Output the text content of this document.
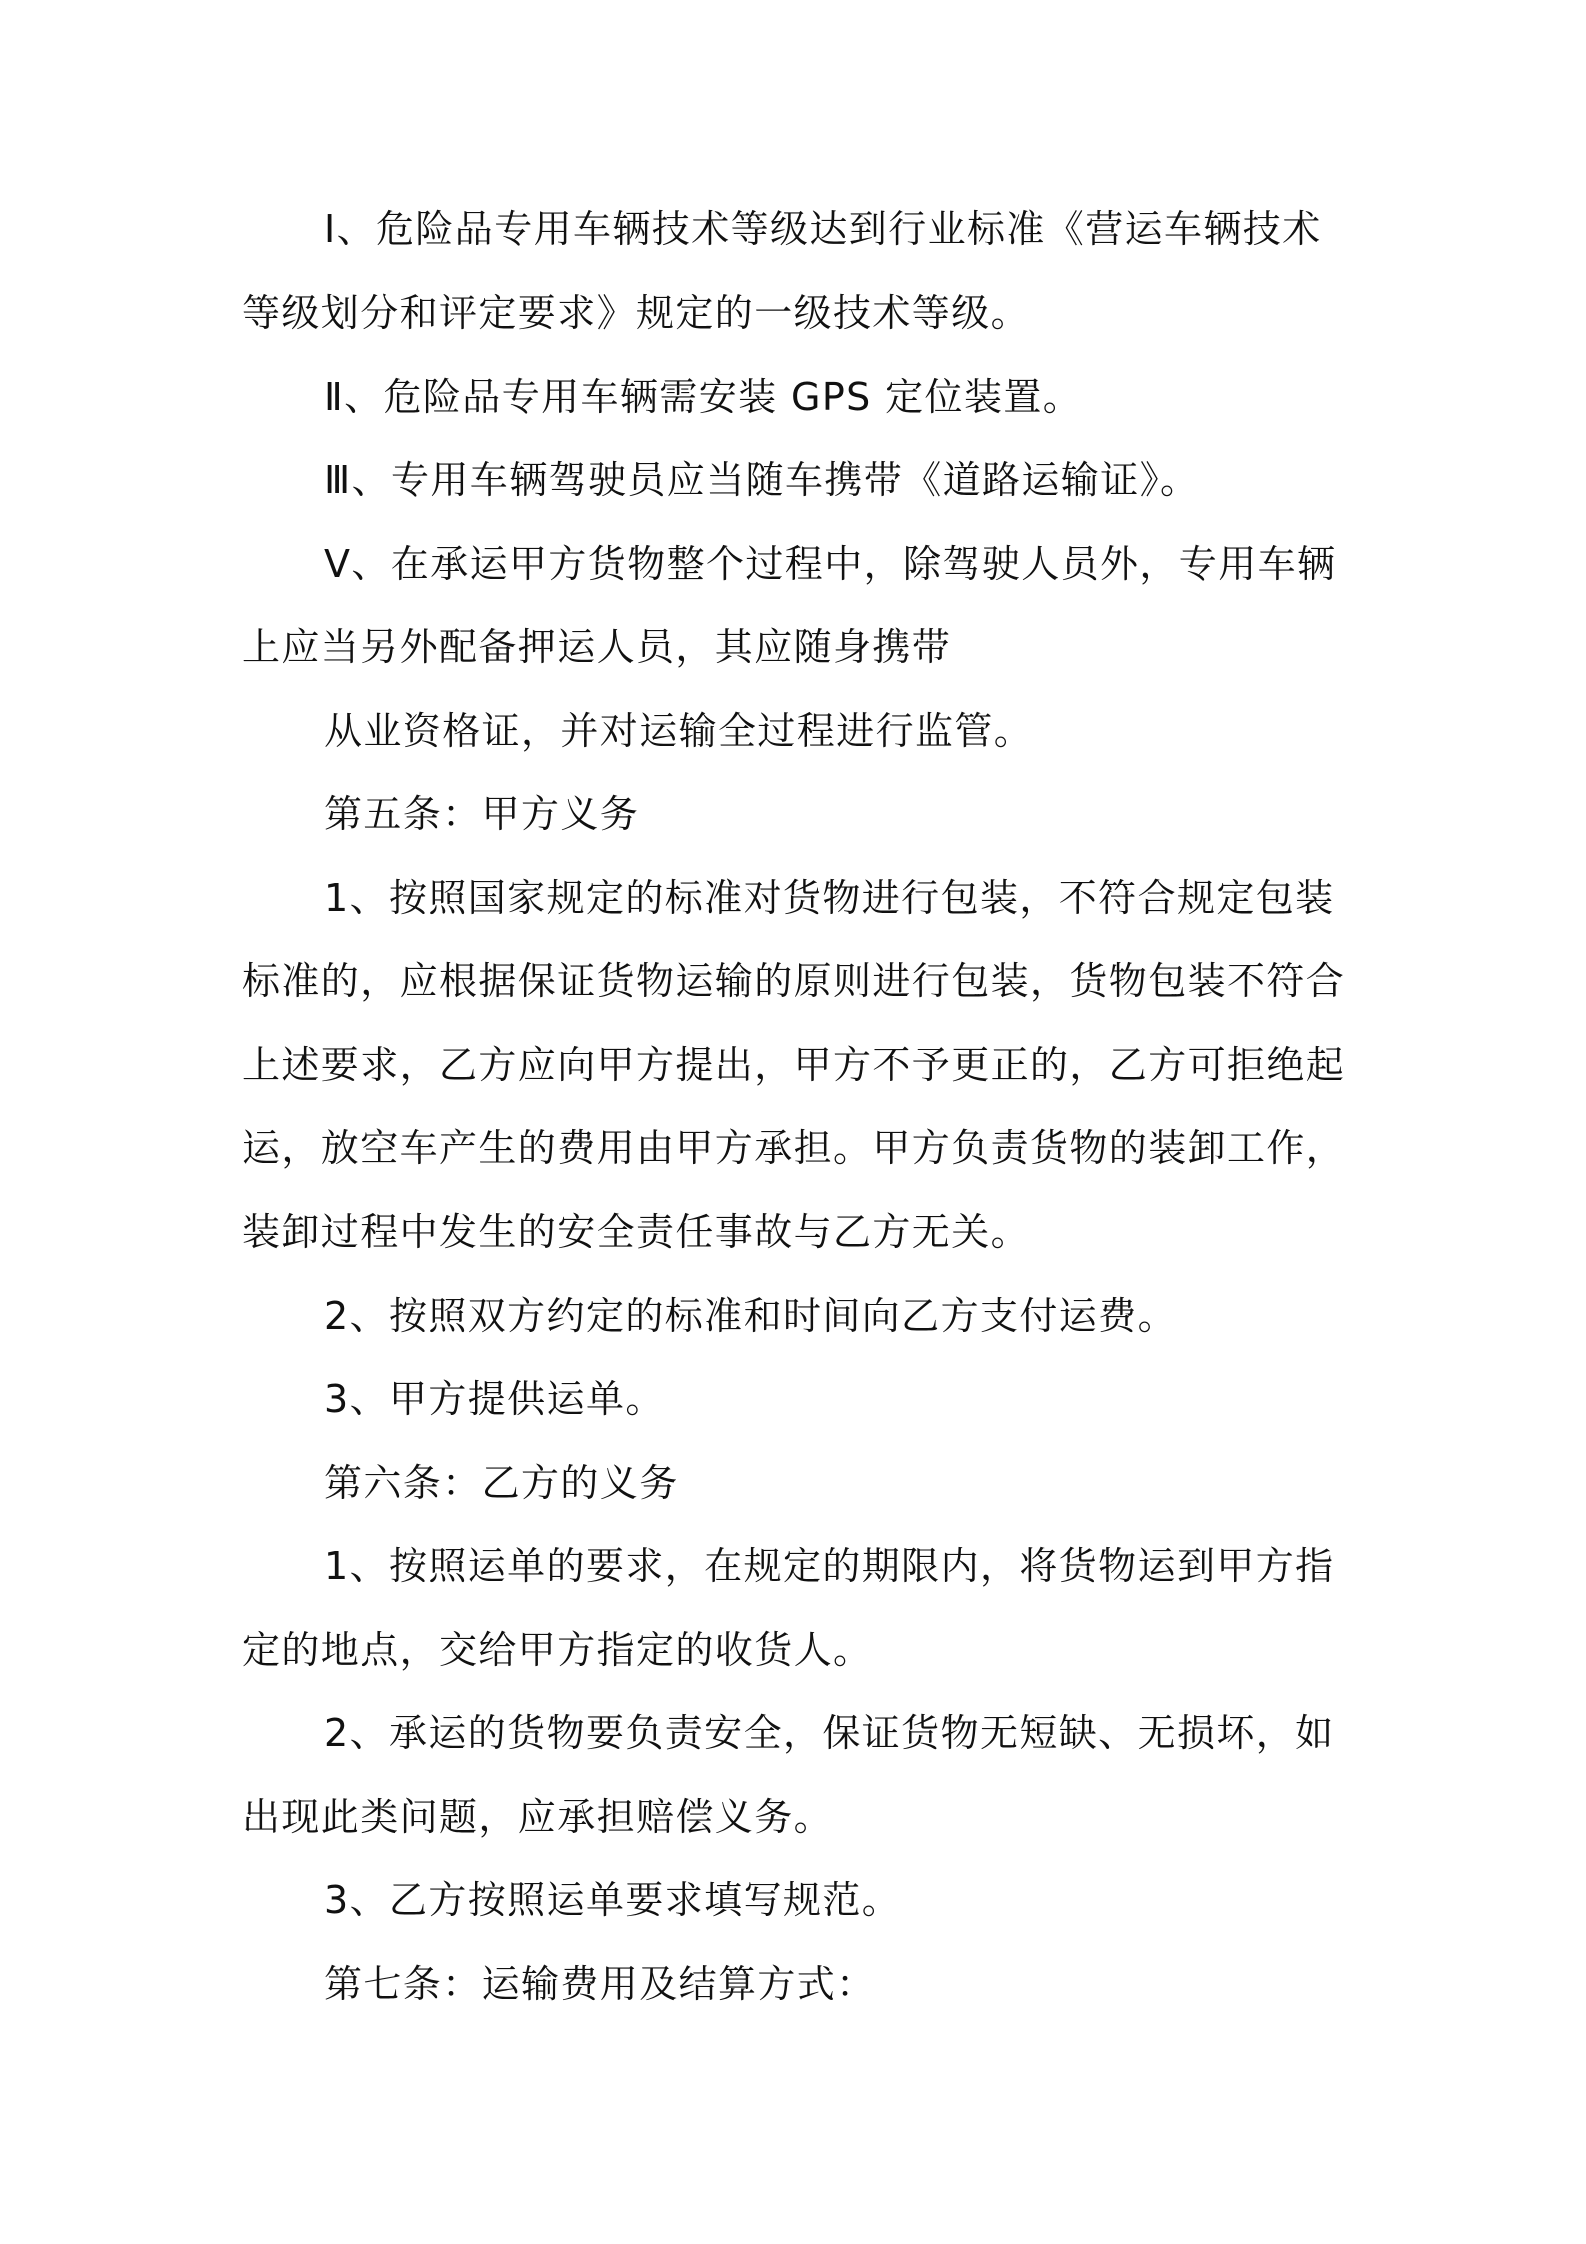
Ⅰ、危险品专用车辆技术等级达到行业标准《营运车辆技术
等级划分和评定要求》规定的一级技术等级。
Ⅱ、危险品专用车辆需安装 GPS 定位装置。
Ⅲ、专用车辆驾驶员应当随车携带《道路运输证》。
Ⅴ、在承运甲方货物整个过程中，除驾驶人员外，专用车辆
上应当另外配备押运人员，其应随身携带
从业资格证，并对运输全过程进行监管。
第五条：甲方义务
1、按照国家规定的标准对货物进行包装，不符合规定包装
标准的，应根据保证货物运输的原则进行包装，货物包装不符合
上述要求，乙方应向甲方提出，甲方不予更正的，乙方可拒绝起
运，放空车产生的费用由甲方承担。甲方负责货物的装卸工作，
装卸过程中发生的安全责任事故与乙方无关。
2、按照双方约定的标准和时间向乙方支付运费。
3、甲方提供运单。
第六条：乙方的义务
1、按照运单的要求，在规定的期限内，将货物运到甲方指
定的地点，交给甲方指定的收货人。
2、承运的货物要负责安全，保证货物无短缺、无损坏，如
出现此类问题，应承担赔偿义务。
3、乙方按照运单要求填写规范。
第七条：运输费用及结算方式：
